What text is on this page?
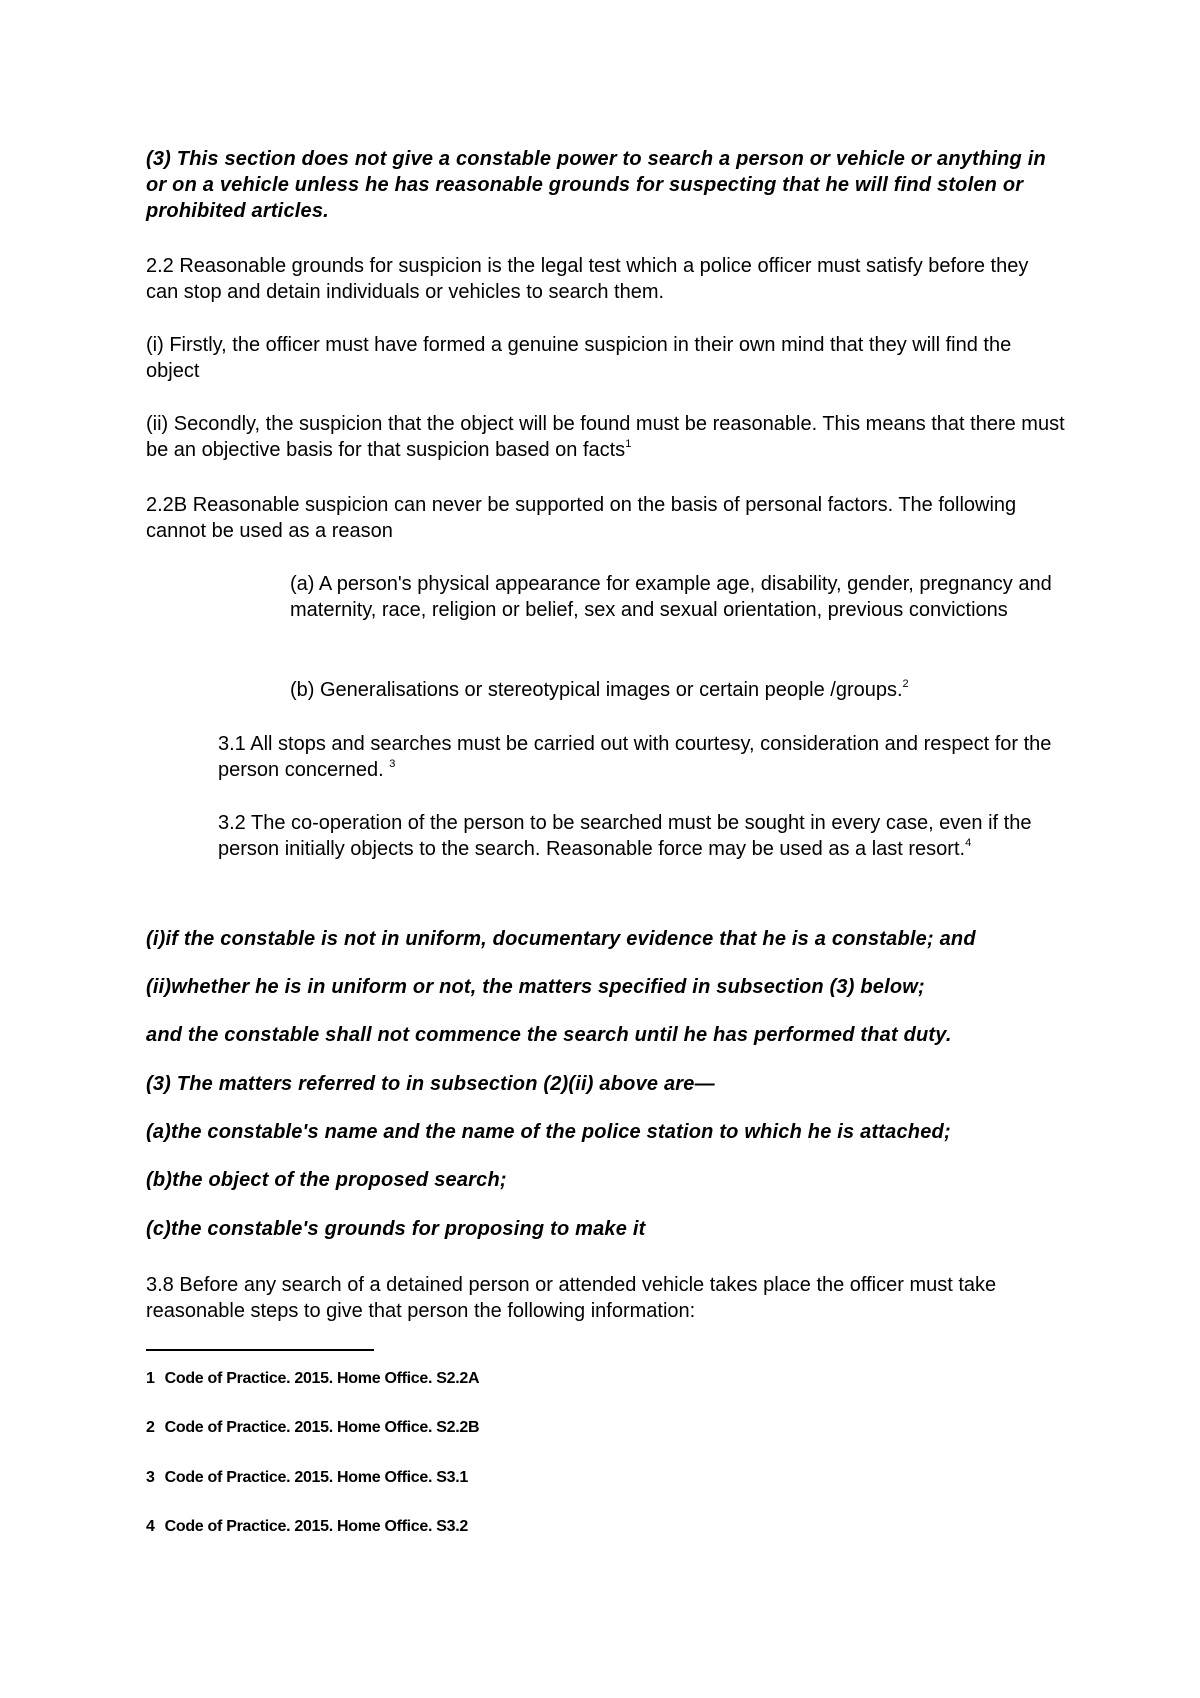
(3) This section does not give a constable power to search a person or vehicle or anything in or on a vehicle unless he has reasonable grounds for suspecting that he will find stolen or prohibited articles.

2.2 Reasonable grounds for suspicion is the legal test which a police officer must satisfy before they can stop and detain individuals or vehicles to search them.

(i) Firstly, the officer must have formed a genuine suspicion in their own mind that they will find the object

(ii) Secondly, the suspicion that the object will be found must be reasonable. This means that there must be an objective basis for that suspicion based on facts$^1$

2.2B Reasonable suspicion can never be supported on the basis of personal factors. The following cannot be used as a reason

(a) A person's physical appearance for example age, disability, gender, pregnancy and maternity, race, religion or belief, sex and sexual orientation, previous convictions

(b) Generalisations or stereotypical images or certain people /groups.$^2$

3.1 All stops and searches must be carried out with courtesy, consideration and respect for the person concerned. $^3$

3.2 The co-operation of the person to be searched must be sought in every case, even if the person initially objects to the search. Reasonable force may be used as a last resort.$^4$

(i)if the constable is not in uniform, documentary evidence that he is a constable; and

(ii)whether he is in uniform or not, the matters specified in subsection (3) below;

and the constable shall not commence the search until he has performed that duty.

(3) The matters referred to in subsection (2)(ii) above are—

(a)the constable's name and the name of the police station to which he is attached;

(b)the object of the proposed search;

(c)the constable's grounds for proposing to make it

3.8 Before any search of a detained person or attended vehicle takes place the officer must take reasonable steps to give that person the following information:

1 Code of Practice. 2015. Home Office. S2.2A
2 Code of Practice. 2015. Home Office. S2.2B
3 Code of Practice. 2015. Home Office. S3.1
4 Code of Practice. 2015. Home Office. S3.2
